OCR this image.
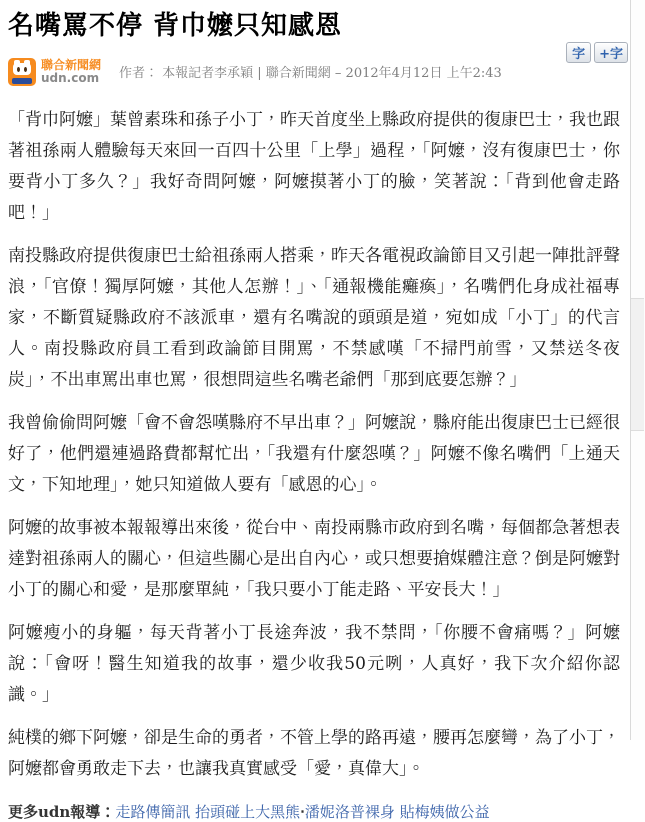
名嘴罵不停 背巾嬤只知感恩
聯合新聞網
udn.com 作者： 本報記者李承穎 | 聯合新聞網 – 2012年4月12日 上午2:43
字	+字

「背巾阿嬤」葉曾素珠和孫子小丁，昨天首度坐上縣政府提供的復康巴士，我也跟著祖孫兩人體驗每天來回一百四十公里「上學」過程，「阿嬤，沒有復康巴士，你要背小丁多久？」我好奇問阿嬤，阿嬤摸著小丁的臉，笑著說：「背到他會走路吧！」

南投縣政府提供復康巴士給祖孫兩人搭乘，昨天各電視政論節目又引起一陣批評聲浪，「官僚！獨厚阿嬤，其他人怎辦！」、「通報機能癱瘓」，名嘴們化身成社福專家，不斷質疑縣政府不該派車，還有名嘴說的頭頭是道，宛如成「小丁」的代言人。南投縣政府員工看到政論節目開罵，不禁感嘆「不掃門前雪，又禁送冬夜炭」，不出車罵出車也罵，很想問這些名嘴老爺們「那到底要怎辦？」

我曾偷偷問阿嬤「會不會怨嘆縣府不早出車？」阿嬤說，縣府能出復康巴士已經很好了，他們還連過路費都幫忙出，「我還有什麼怨嘆？」阿嬤不像名嘴們「上通天文，下知地理」，她只知道做人要有「感恩的心」。

阿嬤的故事被本報報導出來後，從台中、南投兩縣市政府到名嘴，每個都急著想表達對祖孫兩人的關心，但這些關心是出自內心，或只想要搶媒體注意？倒是阿嬤對小丁的關心和愛，是那麼單純，「我只要小丁能走路、平安長大！」

阿嬤瘦小的身軀，每天背著小丁長途奔波，我不禁問，「你腰不會痛嗎？」阿嬤說：「會呀！醫生知道我的故事，還少收我50元咧，人真好，我下次介紹你認識。」

純樸的鄉下阿嬤，卻是生命的勇者，不管上學的路再遠，腰再怎麼彎，為了小丁，阿嬤都會勇敢走下去，也讓我真實感受「愛，真偉大」。

更多udn報導：走路傳簡訊 抬頭碰上大黑熊‧潘妮洛普裸身 貼梅姨做公益
